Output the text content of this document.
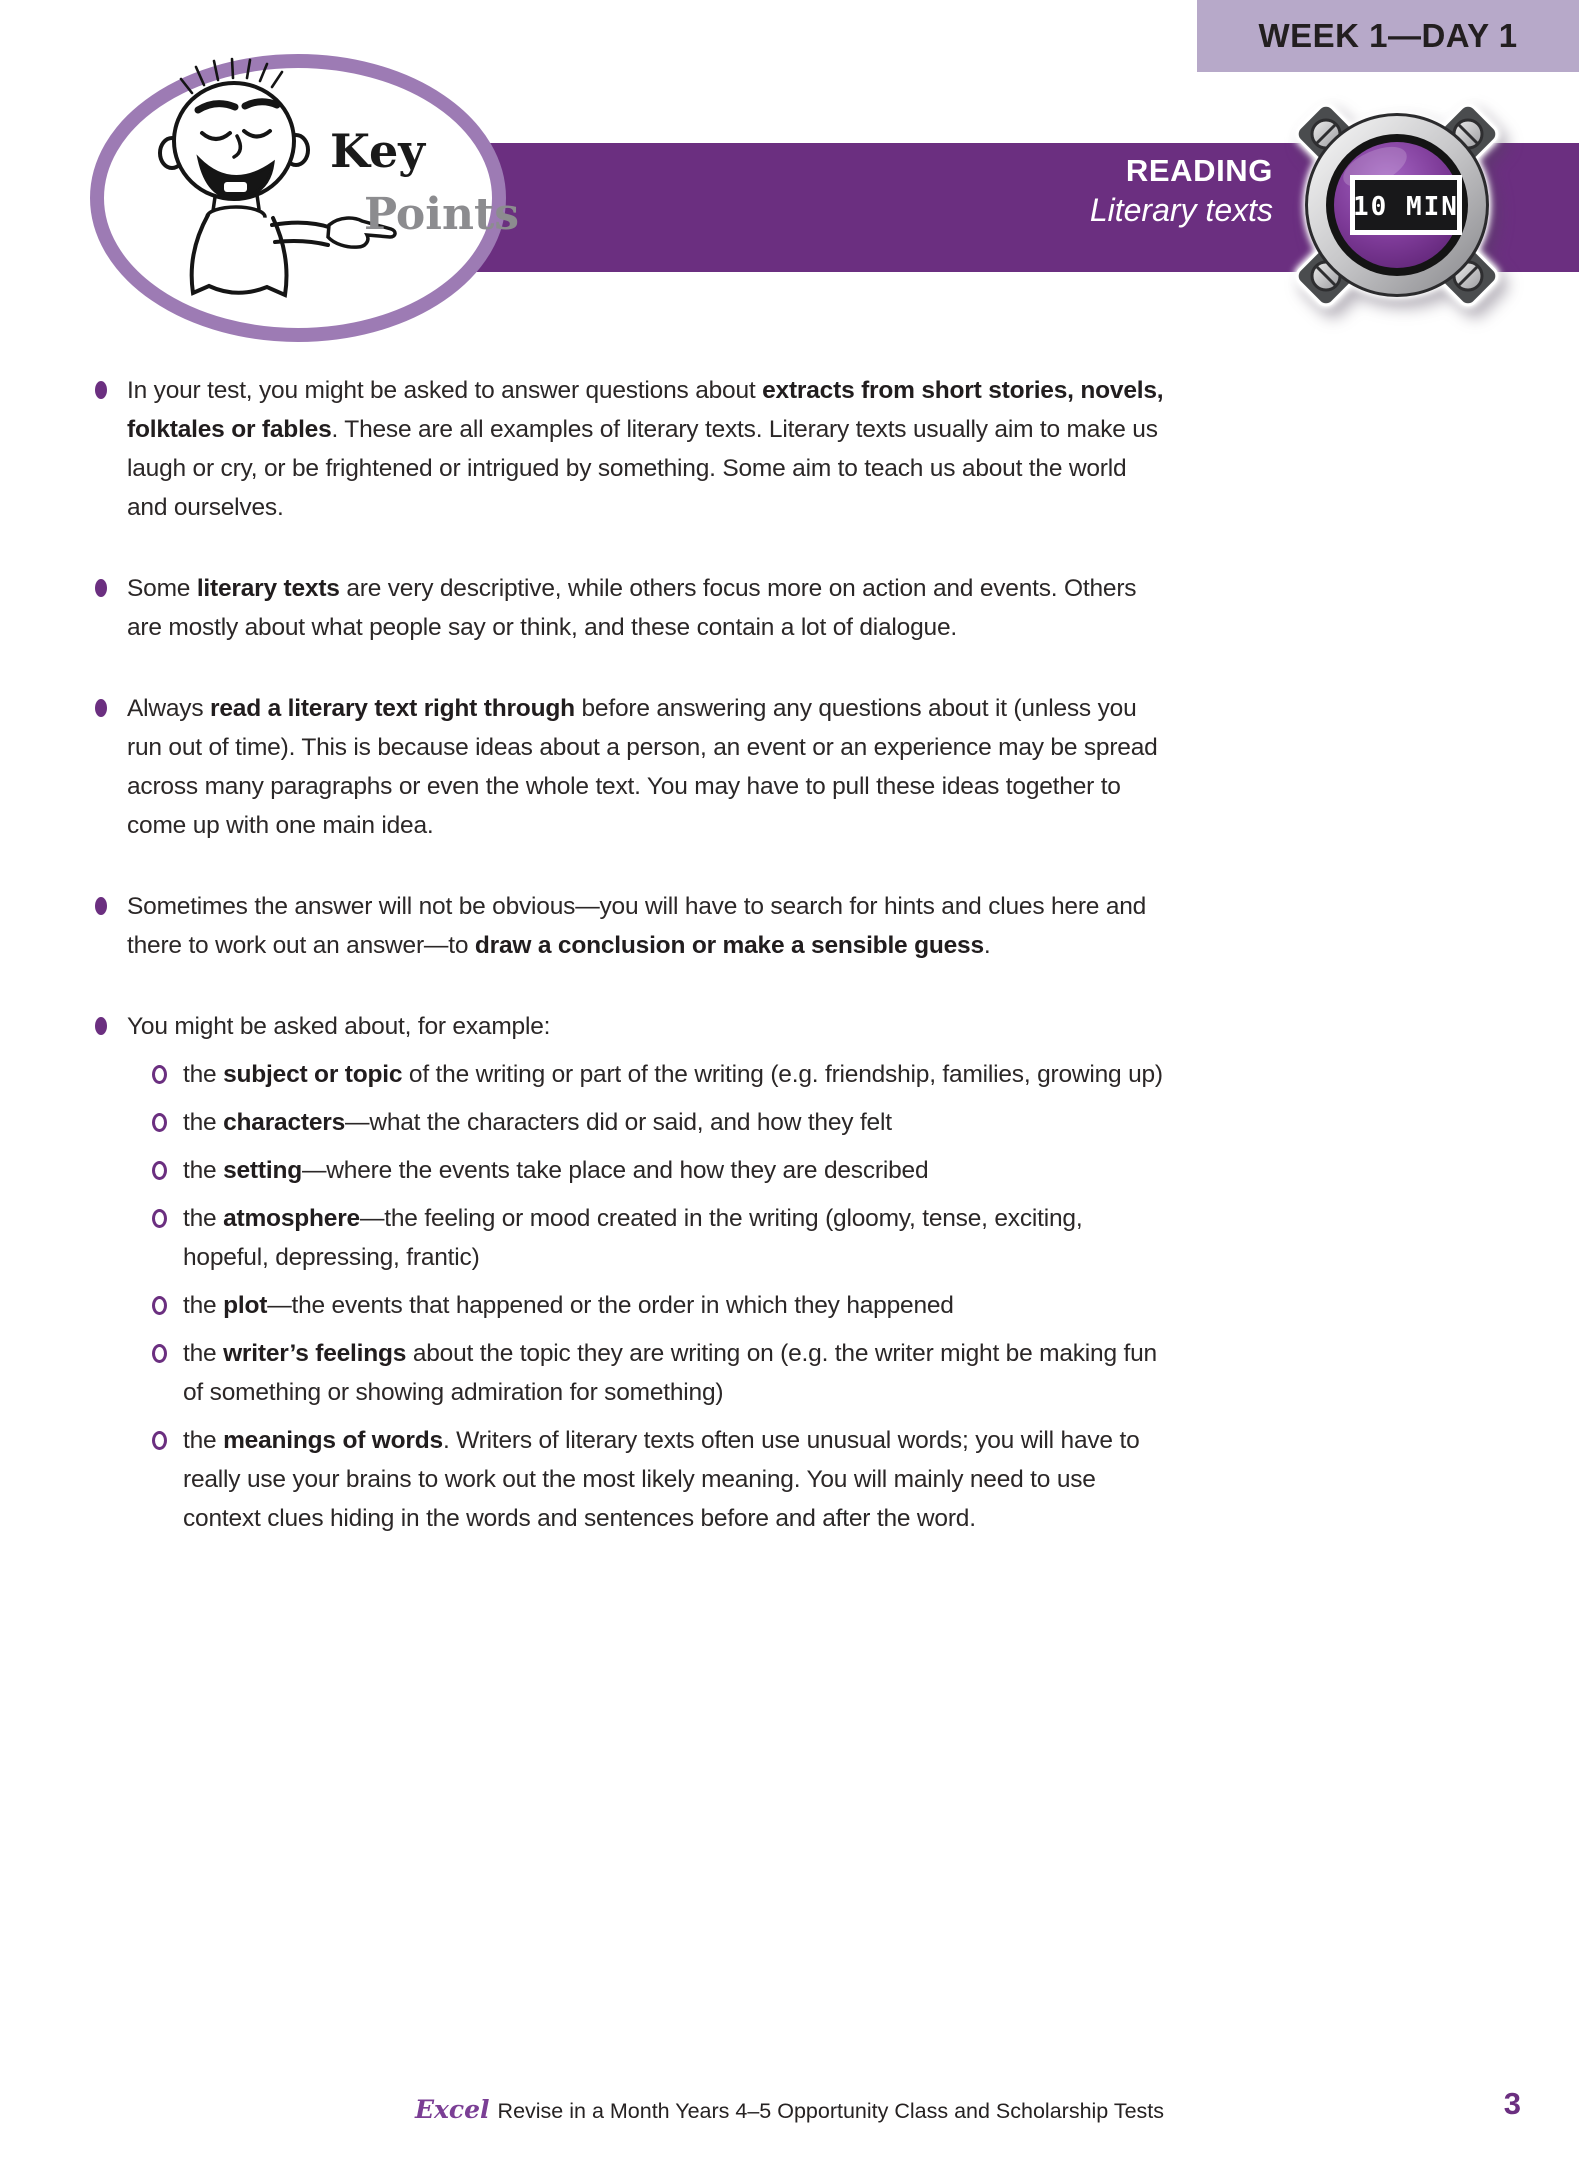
WEEK 1—DAY 1
READING
Literary texts
Key
Points	10 MIN
In your test, you might be asked to answer questions about extracts from short stories, novels, folktales or fables. These are all examples of literary texts. Literary texts usually aim to make us laugh or cry, or be frightened or intrigued by something. Some aim to teach us about the world and ourselves.
Some literary texts are very descriptive, while others focus more on action and events. Others are mostly about what people say or think, and these contain a lot of dialogue.
Always read a literary text right through before answering any questions about it (unless you run out of time). This is because ideas about a person, an event or an experience may be spread across many paragraphs or even the whole text. You may have to pull these ideas together to come up with one main idea.
Sometimes the answer will not be obvious—you will have to search for hints and clues here and there to work out an answer—to draw a conclusion or make a sensible guess.
You might be asked about, for example:
the subject or topic of the writing or part of the writing (e.g. friendship, families, growing up)
the characters—what the characters did or said, and how they felt
the setting—where the events take place and how they are described
the atmosphere—the feeling or mood created in the writing (gloomy, tense, exciting, hopeful, depressing, frantic)
the plot—the events that happened or the order in which they happened
the writer’s feelings about the topic they are writing on (e.g. the writer might be making fun of something or showing admiration for something)
the meanings of words. Writers of literary texts often use unusual words; you will have to really use your brains to work out the most likely meaning. You will mainly need to use context clues hiding in the words and sentences before and after the word.
Excel Revise in a Month Years 4–5 Opportunity Class and Scholarship Tests	3
